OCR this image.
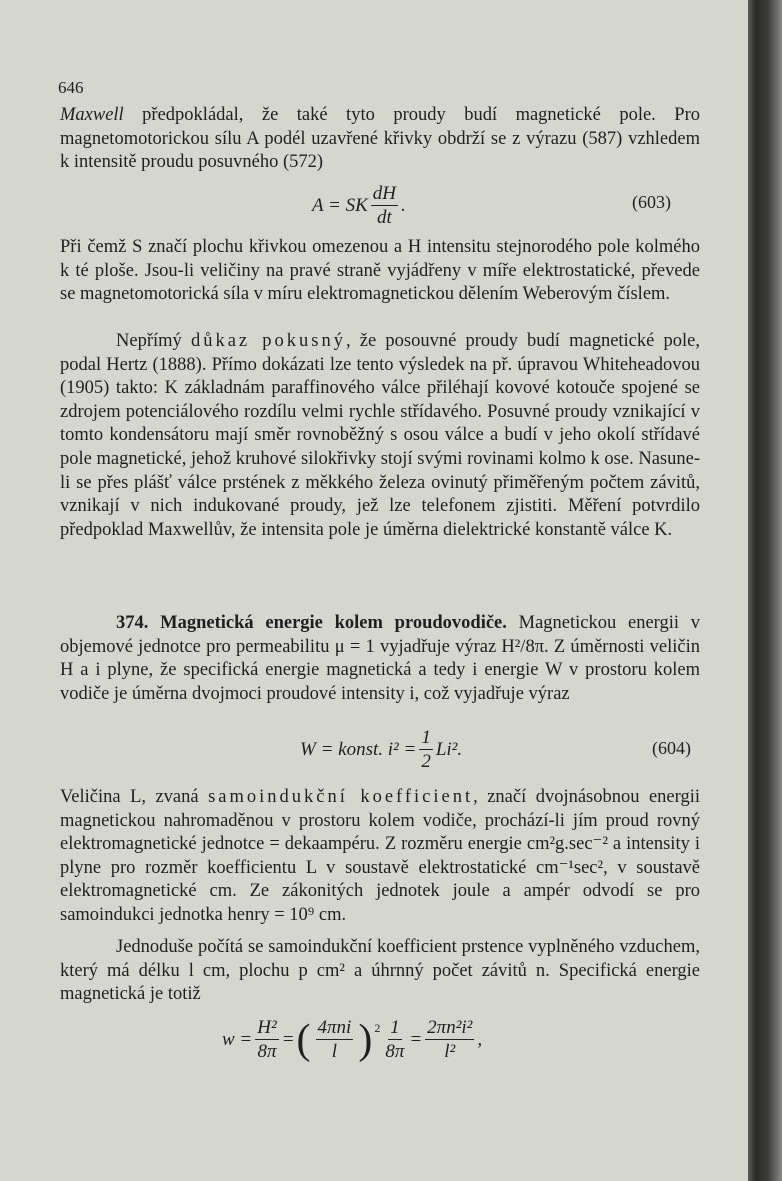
646

Maxwell předpokládal, že také tyto proudy budí magnetické pole. Pro magnetomotorickou sílu A podél uzavřené křivky obdrží se z výrazu (587) vzhledem k intensitě proudu posuvného (572)

A = SK $\frac{dH}{dt}$ .	(603)

Při čemž S značí plochu křivkou omezenou a H intensitu stejnorodého pole kolmého k té ploše. Jsou-li veličiny na pravé straně vyjádřeny v míře elektrostatické, převede se magnetomotorická síla v míru elektromagnetickou dělením Weberovým číslem.

Nepřímý důkaz pokusný, že posouvné proudy budí magnetické pole, podal Hertz (1888). Přímo dokázati lze tento výsledek na př. úpravou Whiteheadovou (1905) takto: K základnám paraffinového válce přiléhají kovové kotouče spojené se zdrojem potenciálového rozdílu velmi rychle střídavého. Posuvné proudy vznikající v tomto kondensátoru mají směr rovnoběžný s osou válce a budí v jeho okolí střídavé pole magnetické, jehož kruhové silokřivky stojí svými rovinami kolmo k ose. Nasune-li se přes plášť válce prstének z měkkého železa ovinutý přiměřeným počtem závitů, vznikají v nich indukované proudy, jež lze telefonem zjistiti. Měření potvrdilo předpoklad Maxwellův, že intensita pole je úměrna dielektrické konstantě válce K.

374. Magnetická energie kolem proudovodiče. Magnetickou energii v objemové jednotce pro permeabilitu μ = 1 vyjadřuje výraz H²/8π. Z úměrnosti veličin H a i plyne, že specifická energie magnetická a tedy i energie W v prostoru kolem vodiče je úměrna dvojmoci proudové intensity i, což vyjadřuje výraz

W = konst. $i^2 = \frac{1}{2} Li^2$.	(604)

Veličina L, zvaná samoindukční koefficient, značí dvojnásobnou energii magnetickou nahromaděnou v prostoru kolem vodiče, prochází-li jím proud rovný elektromagnetické jednotce = dekaampéru. Z rozměru energie cm²g.sec⁻² a intensity i plyne pro rozměr koefficientu L v soustavě elektrostatické cm⁻¹sec², v soustavě elektromagnetické cm. Ze zákonitých jednotek joule a ampér odvodí se pro samoindukci jednotka henry = 10⁹ cm.

Jednoduše počítá se samoindukční koefficient prstence vyplněného vzduchem, který má délku l cm, plochu p cm² a úhrnný počet závitů n. Specifická energie magnetická je totiž

$w = \frac{\text{H²}}{8\pi}$ = ( $\frac{\text{4πni}}{l}$ ) $2 \frac{1}{8\pi} = \frac{\text{2πn²i²}}{\text{l²}}$ ,
